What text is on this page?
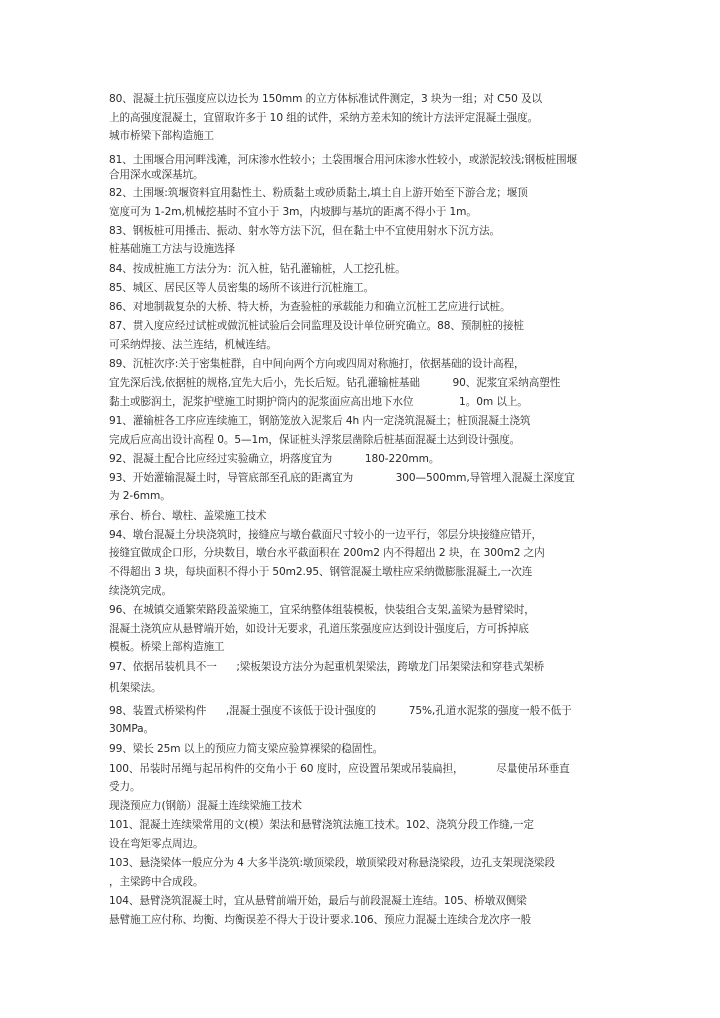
80、混凝土抗压强度应以边长为 150mm 的立方体标准试件测定，3 块为一组；对 C50 及以
上的高强度混凝土，宜留取许多于 10 组的试件，采纳方差未知的统计方法评定混凝土强度。
城市桥梁下部构造施工
81、土围堰合用河畔浅滩，河床渗水性较小；土袋围堰合用河床渗水性较小，或淤泥较浅;钢板桩围堰
合用深水或深基坑。
82、土围堰:筑堰资料宜用黏性土、粉质黏土或砂质黏土,填土自上游开始至下游合龙；堰顶
宽度可为 1-2m,机械挖基时不宜小于 3m，内坡脚与基坑的距离不得小于 1m。
83、钢板桩可用捶击、振动、射水等方法下沉，但在黏土中不宜使用射水下沉方法。
桩基础施工方法与设施选择
84、按成桩施工方法分为：沉入桩，钻孔灌输桩，人工挖孔桩。
85、城区、居民区等人员密集的场所不该进行沉桩施工。
86、对地制裁复杂的大桥、特大桥，为查验桩的承载能力和确立沉桩工艺应进行试桩。
87、贯入度应经过试桩或做沉桩试验后会同监理及设计单位研究确立。88、预制桩的接桩
可采纳焊接、法兰连结，机械连结。
89、沉桩次序:关于密集桩群，自中间向两个方向或四周对称施打，依据基础的设计高程，
宜先深后浅,依据桩的规格,宜先大后小，先长后短。钻孔灌输桩基础          90、泥浆宜采纳高塑性
黏土或膨润土，泥浆护壁施工时期护筒内的泥浆面应高出地下水位              1。0m 以上。
91、灌输桩各工序应连续施工，钢筋笼放入泥浆后 4h 内一定浇筑混凝土；桩顶混凝土浇筑
完成后应高出设计高程 0。5—1m，保证桩头浮浆层凿除后桩基面混凝土达到设计强度。
92、混凝土配合比应经过实验确立，坍落度宜为          180-220mm。
93、开始灌输混凝土时，导管底部至孔底的距离宜为             300—500mm,导管埋入混凝土深度宜
为 2-6mm。
承台、桥台、墩柱、盖梁施工技术
94、墩台混凝土分块浇筑时，接缝应与墩台截面尺寸较小的一边平行，邻层分块接缝应错开，
接缝宜做成企口形，分块数目，墩台水平截面积在 200m2 内不得超出 2 块，在 300m2 之内
不得超出 3 块，每块面积不得小于 50m2.95、钢管混凝土墩柱应采纳微膨胀混凝土,一次连
续浇筑完成。
96、在城镇交通繁荣路段盖梁施工，宜采纳整体组装模板，快装组合支架,盖梁为悬臂梁时，
混凝土浇筑应从悬臂端开始，如设计无要求，孔道压浆强度应达到设计强度后，方可拆掉底
模板。桥梁上部构造施工
97、依据吊装机具不一      ;梁板架设方法分为起重机架梁法，跨墩龙门吊架梁法和穿巷式架桥
机架梁法。
98、装置式桥梁构件      ,混凝土强度不该低于设计强度的          75%,孔道水泥浆的强度一般不低于
30MPa。
99、梁长 25m 以上的预应力简支梁应验算裸梁的稳固性。
100、吊装时吊绳与起吊构件的交角小于 60 度时，应设置吊架或吊装扁担，          尽量使吊环垂直
受力。
现浇预应力(钢筋）混凝土连续梁施工技术
101、混凝土连续梁常用的文(模）架法和悬臂浇筑法施工技术。102、浇筑分段工作缝,一定
设在弯矩零点周边。
103、悬浇梁体一般应分为 4 大多半浇筑:墩顶梁段，墩顶梁段对称悬浇梁段，边孔支架现浇梁段
，主梁跨中合成段。
104、悬臂浇筑混凝土时，宜从悬臂前端开始，最后与前段混凝土连结。105、桥墩双侧梁
悬臂施工应付称、均衡、均衡误差不得大于设计要求.106、预应力混凝土连续合龙次序一般
